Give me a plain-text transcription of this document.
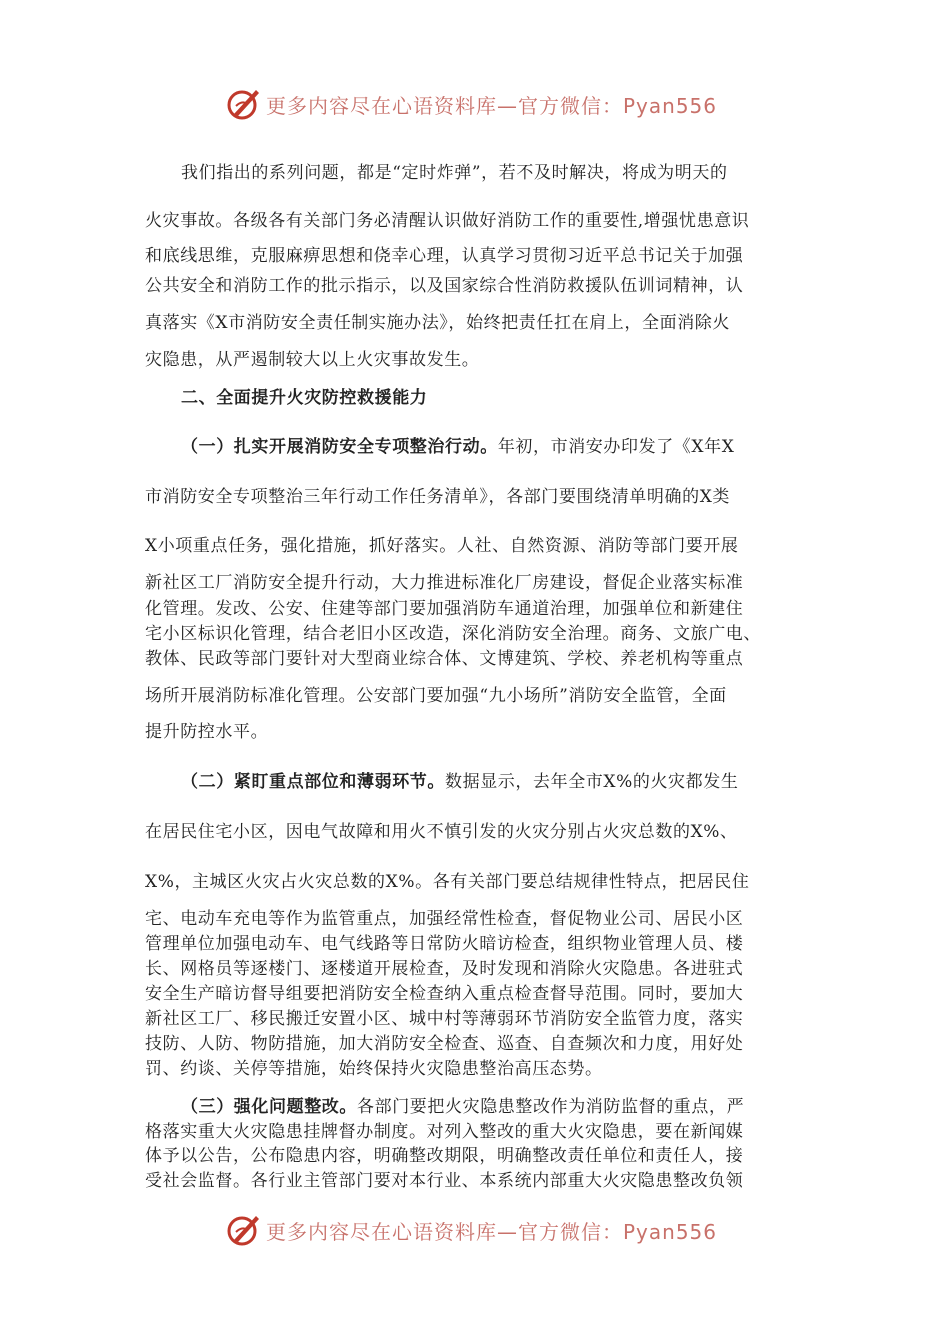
更多内容尽在心语资料库—官方微信：Pyan556
我们指出的系列问题，都是“定时炸弹”，若不及时解决，将成为明天的
火灾事故。各级各有关部门务必清醒认识做好消防工作的重要性,增强忧患意识
和底线思维，克服麻痹思想和侥幸心理，认真学习贯彻习近平总书记关于加强
公共安全和消防工作的批示指示，以及国家综合性消防救援队伍训词精神，认
真落实《X市消防安全责任制实施办法》，始终把责任扛在肩上，全面消除火
灾隐患，从严遏制较大以上火灾事故发生。
二、全面提升火灾防控救援能力
（一）扎实开展消防安全专项整治行动。年初，市消安办印发了《X年X
市消防安全专项整治三年行动工作任务清单》，各部门要围绕清单明确的X类
X小项重点任务，强化措施，抓好落实。人社、自然资源、消防等部门要开展
新社区工厂消防安全提升行动，大力推进标准化厂房建设，督促企业落实标准
化管理。发改、公安、住建等部门要加强消防车通道治理，加强单位和新建住
宅小区标识化管理，结合老旧小区改造，深化消防安全治理。商务、文旅广电、
教体、民政等部门要针对大型商业综合体、文博建筑、学校、养老机构等重点
场所开展消防标准化管理。公安部门要加强“九小场所”消防安全监管，全面
提升防控水平。
（二）紧盯重点部位和薄弱环节。数据显示，去年全市X%的火灾都发生
在居民住宅小区，因电气故障和用火不慎引发的火灾分别占火灾总数的X%、
X%，主城区火灾占火灾总数的X%。各有关部门要总结规律性特点，把居民住
宅、电动车充电等作为监管重点，加强经常性检查，督促物业公司、居民小区
管理单位加强电动车、电气线路等日常防火暗访检查，组织物业管理人员、楼
长、网格员等逐楼门、逐楼道开展检查，及时发现和消除火灾隐患。各进驻式
安全生产暗访督导组要把消防安全检查纳入重点检查督导范围。同时，要加大
新社区工厂、移民搬迁安置小区、城中村等薄弱环节消防安全监管力度，落实
技防、人防、物防措施，加大消防安全检查、巡查、自查频次和力度，用好处
罚、约谈、关停等措施，始终保持火灾隐患整治高压态势。
（三）强化问题整改。各部门要把火灾隐患整改作为消防监督的重点，严
格落实重大火灾隐患挂牌督办制度。对列入整改的重大火灾隐患，要在新闻媒
体予以公告，公布隐患内容，明确整改期限，明确整改责任单位和责任人，接
受社会监督。各行业主管部门要对本行业、本系统内部重大火灾隐患整改负领
更多内容尽在心语资料库—官方微信：Pyan556
